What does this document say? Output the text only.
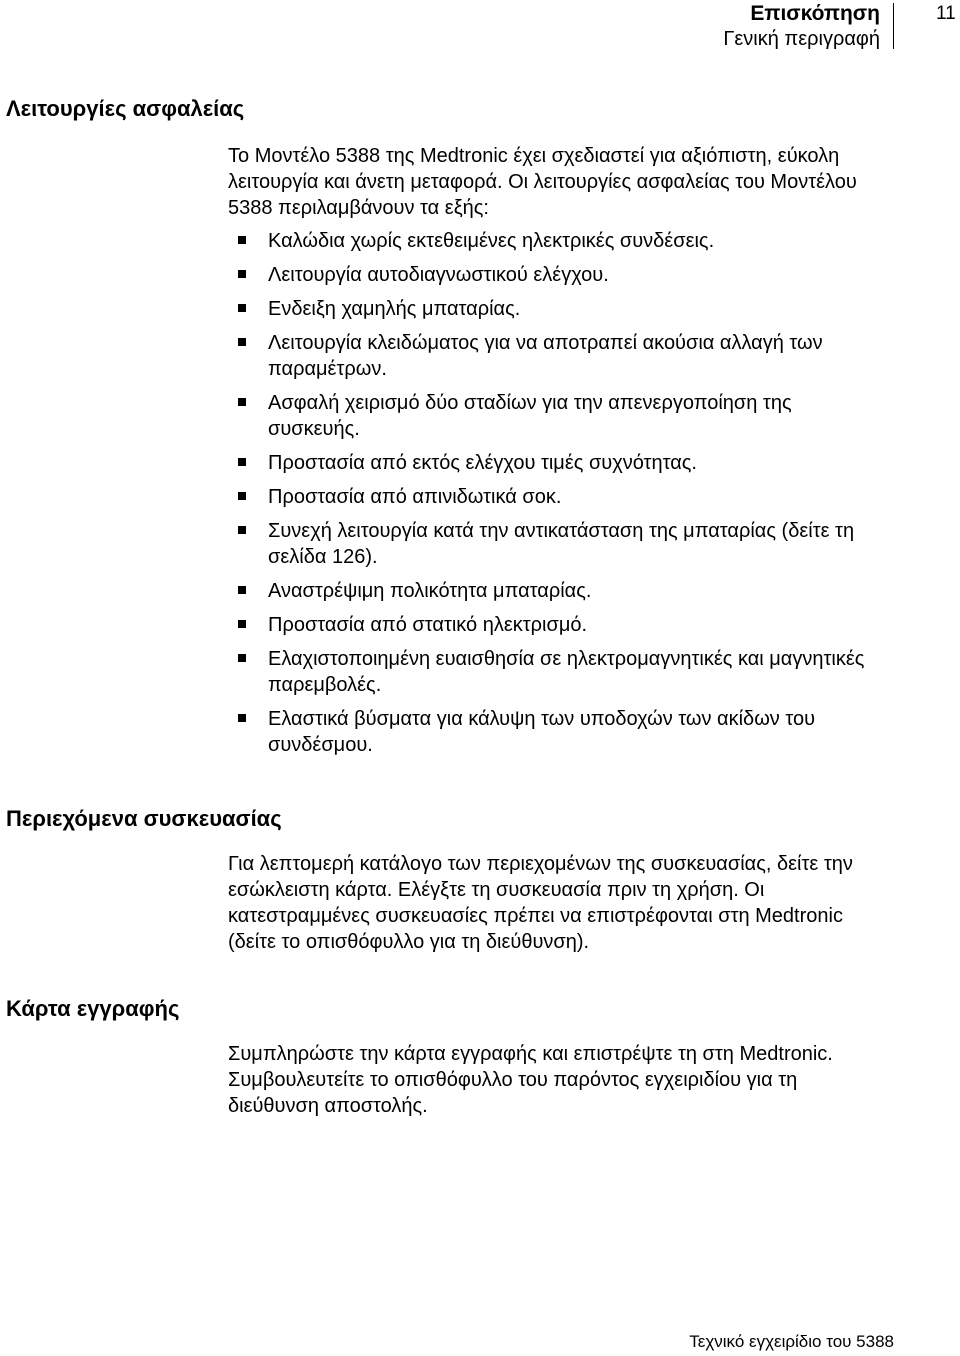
Επισκόπηση
Γενική περιγραφή
11
Λειτουργίες ασφαλείας
Το Μοντέλο 5388 της Medtronic έχει σχεδιαστεί για αξιόπιστη, εύκολη λειτουργία και άνετη μεταφορά. Οι λειτουργίες ασφαλείας του Μοντέλου 5388 περιλαμβάνουν τα εξής:
Καλώδια χωρίς εκτεθειμένες ηλεκτρικές συνδέσεις.
Λειτουργία αυτοδιαγνωστικού ελέγχου.
Ενδειξη χαμηλής μπαταρίας.
Λειτουργία κλειδώματος για να αποτραπεί ακούσια αλλαγή των παραμέτρων.
Ασφαλή χειρισμό δύο σταδίων για την απενεργοποίηση της συσκευής.
Προστασία από εκτός ελέγχου τιμές συχνότητας.
Προστασία από απινιδωτικά σοκ.
Συνεχή λειτουργία κατά την αντικατάσταση της μπαταρίας (δείτε τη σελίδα 126).
Αναστρέψιμη πολικότητα μπαταρίας.
Προστασία από στατικό ηλεκτρισμό.
Ελαχιστοποιημένη ευαισθησία σε ηλεκτρομαγνητικές και μαγνητικές παρεμβολές.
Ελαστικά βύσματα για κάλυψη των υποδοχών των ακίδων του συνδέσμου.
Περιεχόμενα συσκευασίας
Για λεπτομερή κατάλογο των περιεχομένων της συσκευασίας, δείτε την εσώκλειστη κάρτα. Ελέγξτε τη συσκευασία πριν τη χρήση. Οι κατεστραμμένες συσκευασίες πρέπει να επιστρέφονται στη Medtronic (δείτε το οπισθόφυλλο για τη διεύθυνση).
Κάρτα εγγραφής
Συμπληρώστε την κάρτα εγγραφής και επιστρέψτε τη στη Medtronic. Συμβουλευτείτε το οπισθόφυλλο του παρόντος εγχειριδίου για τη διεύθυνση αποστολής.
Τεχνικό εγχειρίδιο του 5388
